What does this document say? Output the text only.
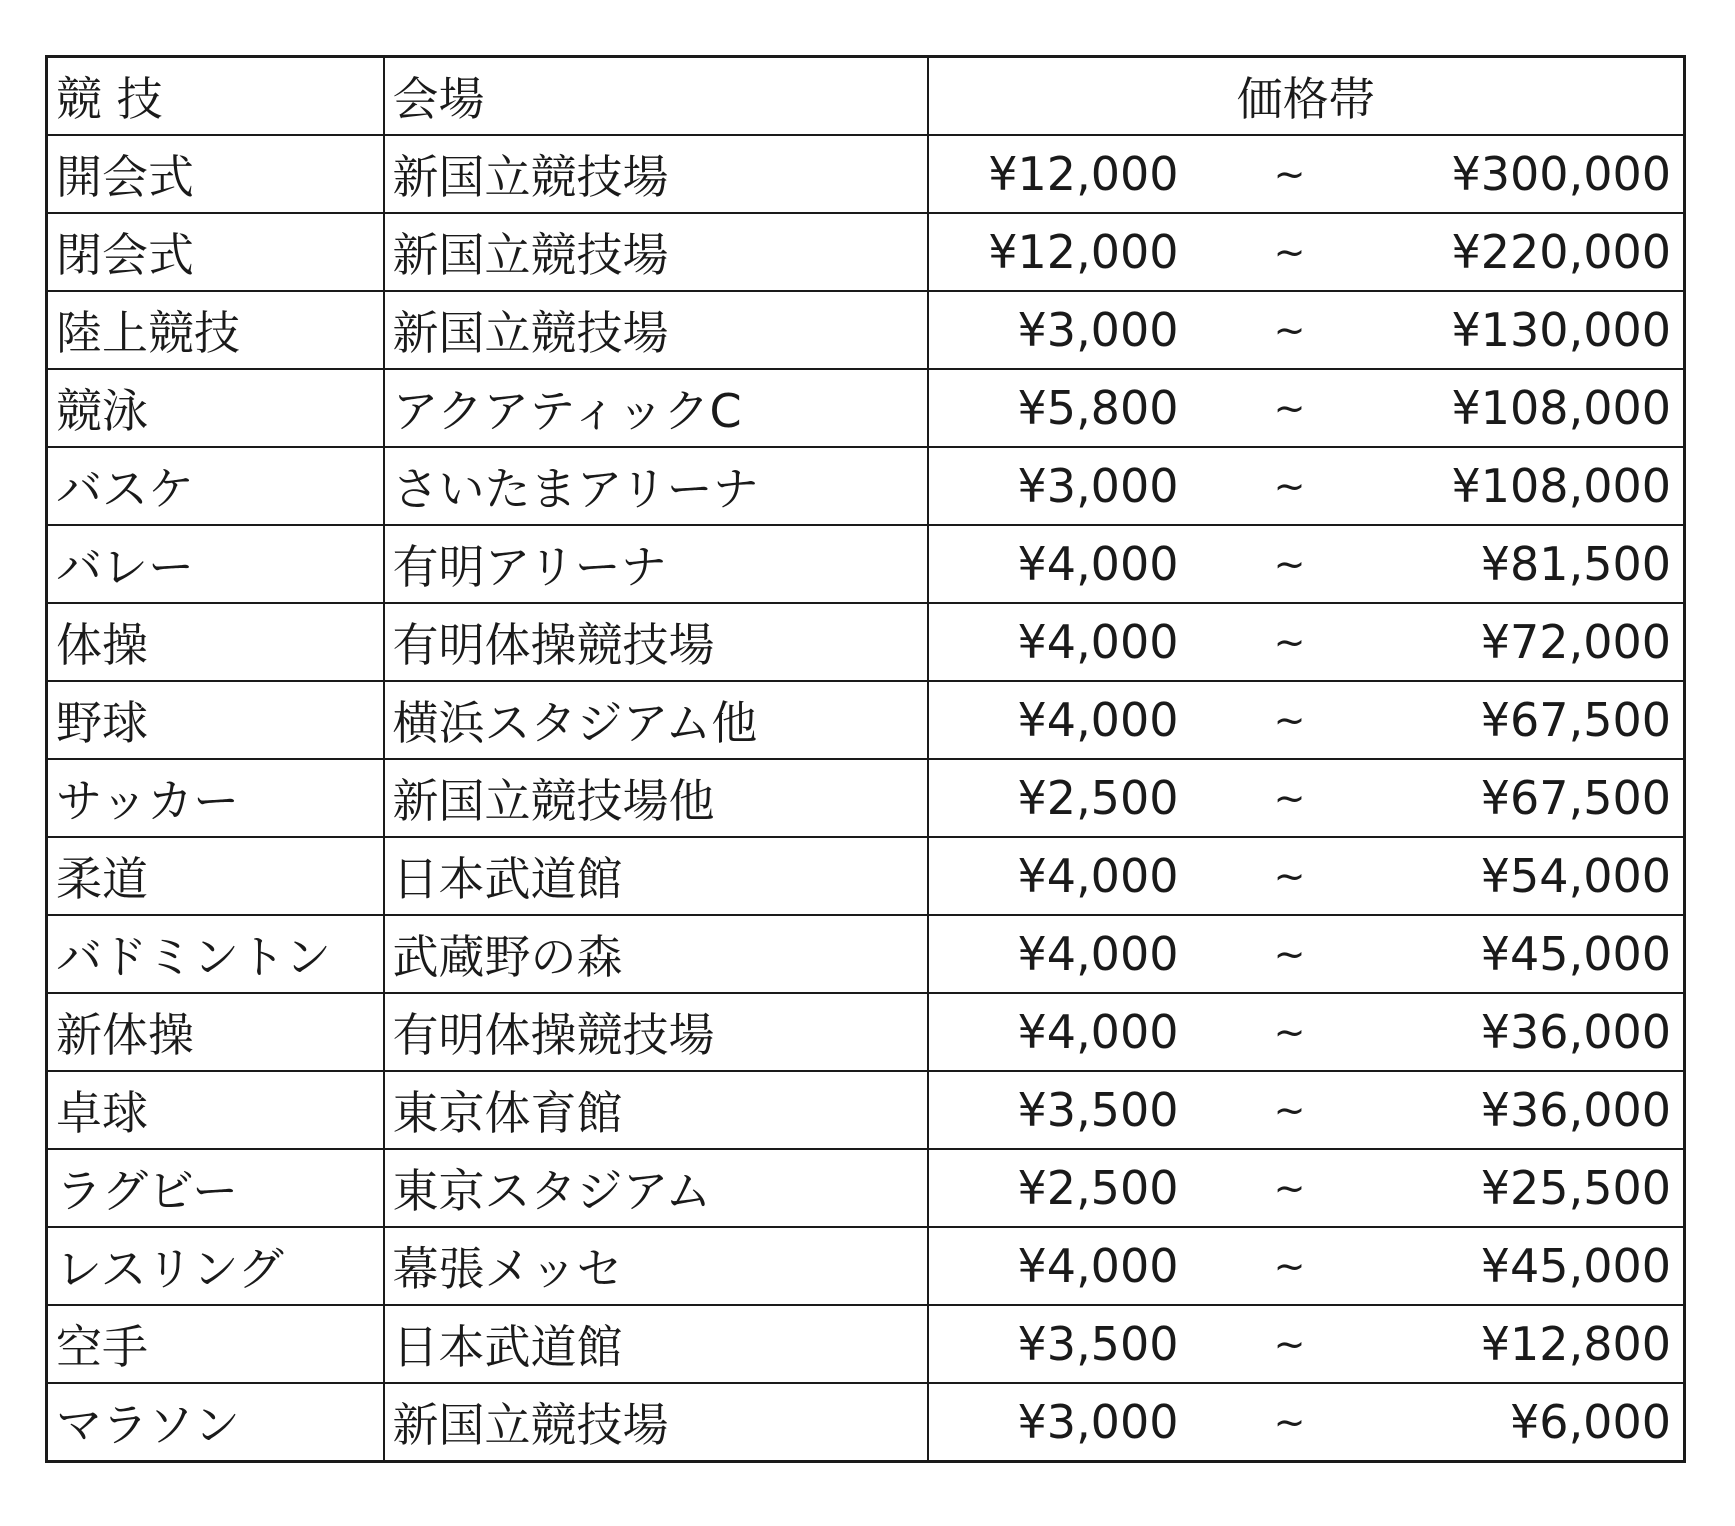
競 技	会場	価格帯
開会式	新国立競技場	¥12,000 ~ ¥300,000

閉会式	新国立競技場	¥12,000 ~ ¥220,000

陸上競技	新国立競技場	¥3,000 ~ ¥130,000

競泳	アクアティックC	¥5,800 ~ ¥108,000

バスケ	さいたまアリーナ	¥3,000 ~ ¥108,000

バレー	有明アリーナ	¥4,000 ~ ¥81,500

体操	有明体操競技場	¥4,000 ~ ¥72,000

野球	横浜スタジアム他	¥4,000 ~ ¥67,500

サッカー	新国立競技場他	¥2,500 ~ ¥67,500

柔道	日本武道館	¥4,000 ~ ¥54,000

バドミントン	武蔵野の森	¥4,000 ~ ¥45,000

新体操	有明体操競技場	¥4,000 ~ ¥36,000

卓球	東京体育館	¥3,500 ~ ¥36,000

ラグビー	東京スタジアム	¥2,500 ~ ¥25,500

レスリング	幕張メッセ	¥4,000 ~ ¥45,000

空手	日本武道館	¥3,500 ~ ¥12,800

マラソン	新国立競技場	¥3,000 ~ ¥6,000
